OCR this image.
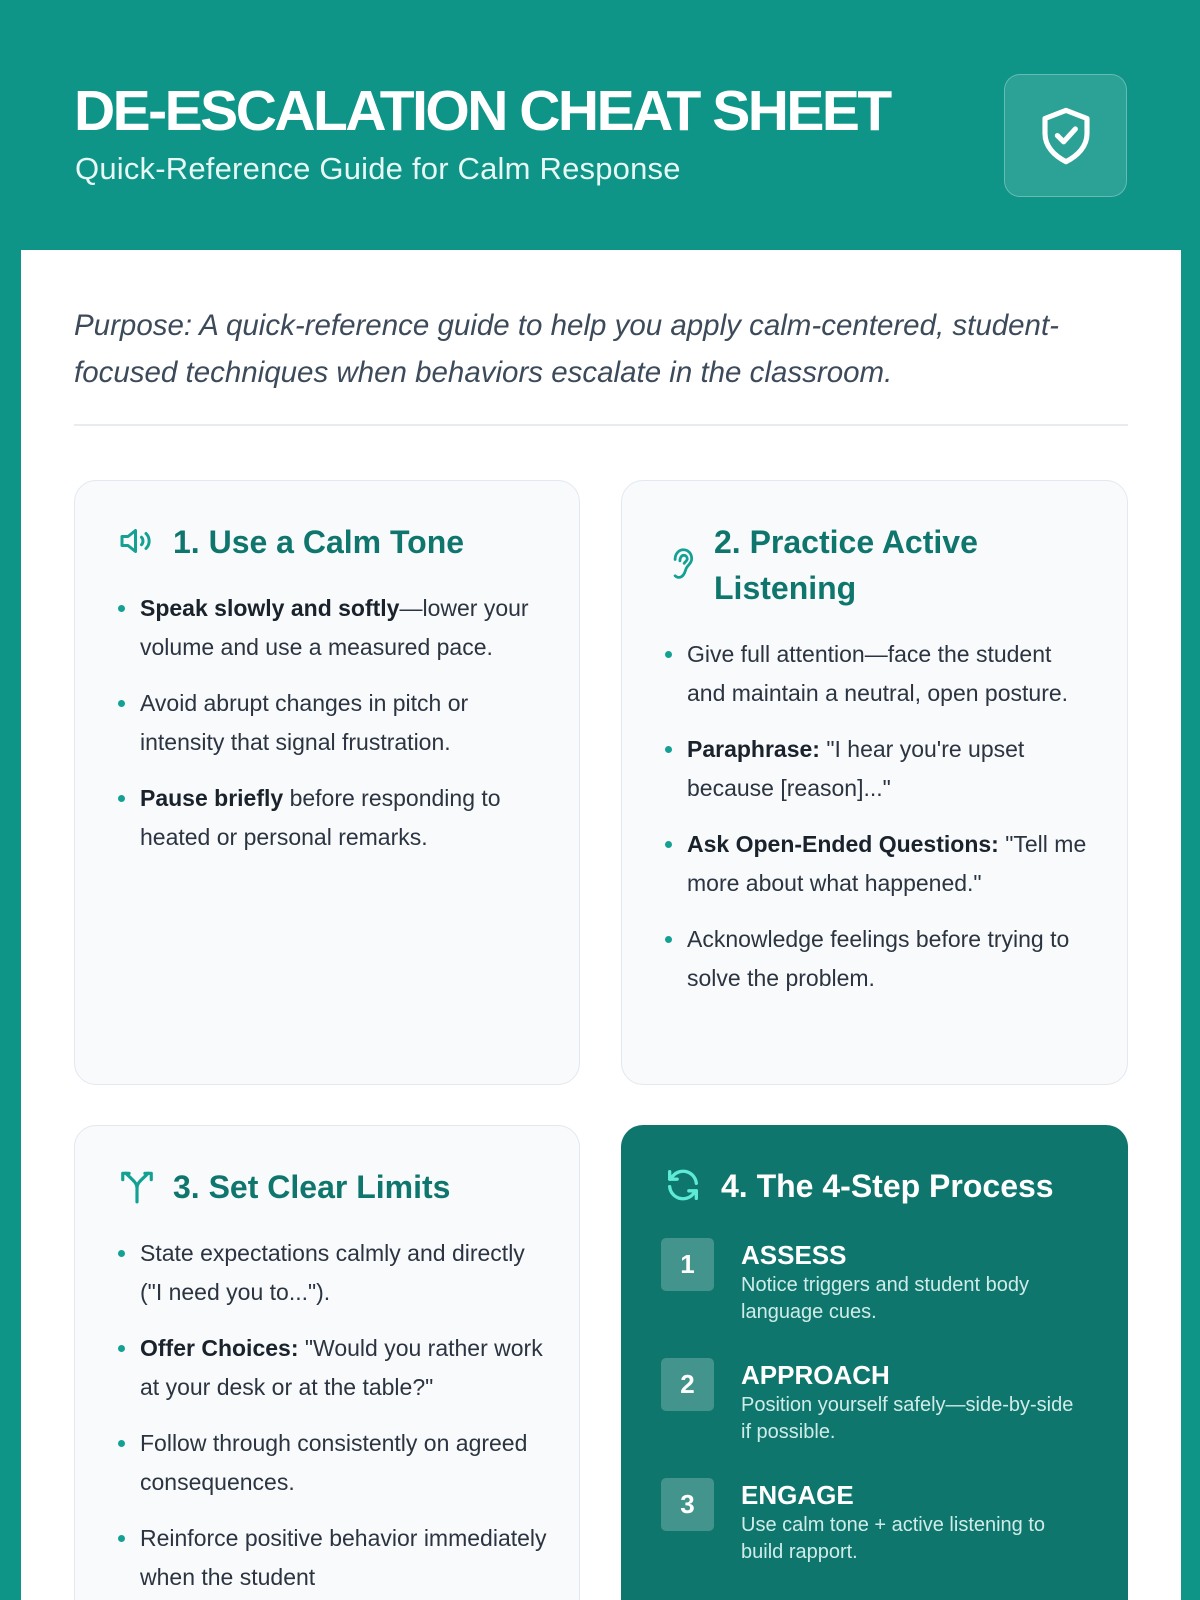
DE-ESCALATION CHEAT SHEET
Quick-Reference Guide for Calm Response
Purpose: A quick-reference guide to help you apply calm-centered, student-focused techniques when behaviors escalate in the classroom.
1. Use a Calm Tone
Speak slowly and softly—lower your volume and use a measured pace.
Avoid abrupt changes in pitch or intensity that signal frustration.
Pause briefly before responding to heated or personal remarks.
2. Practice Active
Listening
Give full attention—face the student and maintain a neutral, open posture.
Paraphrase: "I hear you're upset because [reason]..."
Ask Open-Ended Questions: "Tell me more about what happened."
Acknowledge feelings before trying to solve the problem.
3. Set Clear Limits
State expectations calmly and directly ("I need you to...").
Offer Choices: "Would you rather work at your desk or at the table?"
Follow through consistently on agreed consequences.
Reinforce positive behavior immediately when the student
4. The 4-Step Process
1	ASSESS
Notice triggers and student body language cues.
2	APPROACH
Position yourself safely—side-by-side if possible.
3	ENGAGE
Use calm tone + active listening to build rapport.
